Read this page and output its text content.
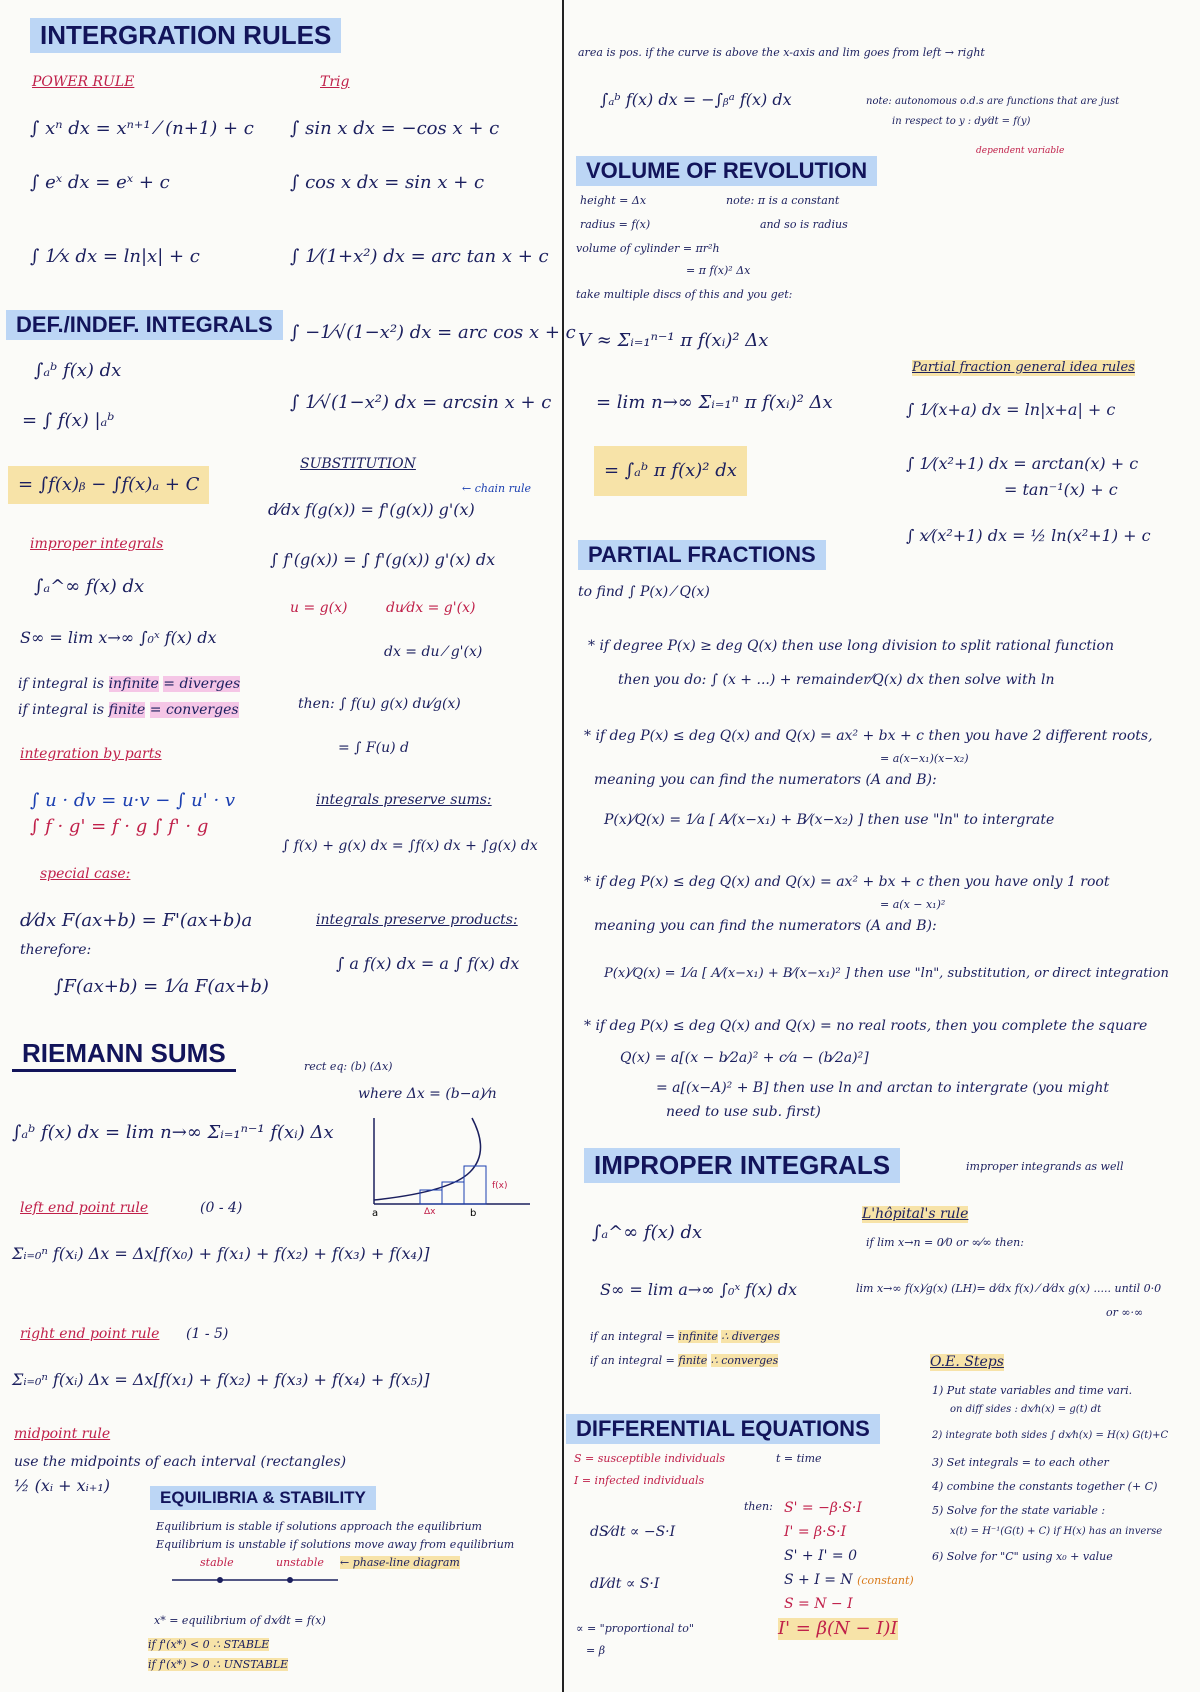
INTERGRATION RULES
POWER RULE	Trig
∫ xⁿ dx = xⁿ⁺¹ ⁄ (n+1) + c
∫ eˣ dx = eˣ + c
∫ 1⁄x dx = ln|x| + c
∫ sin x dx = −cos x + c
∫ cos x dx = sin x + c
∫ 1⁄(1+x²) dx = arc tan x + c
∫ −1⁄√(1−x²) dx = arc cos x + c
∫ 1⁄√(1−x²) dx = arcsin x + c
DEF./INDEF. INTEGRALS
∫ₐᵇ f(x) dx
= ∫ f(x) |ₐᵇ
= ∫f(x)ᵦ − ∫f(x)ₐ + C
improper integrals
∫ₐ^∞ f(x) dx
S∞ = lim x→∞ ∫₀ˣ f(x) dx
if integral is infinite = diverges
if integral is finite = converges
integration by parts
∫ u · dv = u·v − ∫ u' · v
∫ f · g' = f · g ∫ f' · g
special case:
d⁄dx F(ax+b) = F'(ax+b)a
therefore:
∫F(ax+b) = 1⁄a F(ax+b)
SUBSTITUTION
← chain rule
d⁄dx f(g(x)) = f'(g(x)) g'(x)
∫ f'(g(x)) = ∫ f'(g(x)) g'(x) dx
u = g(x)	du⁄dx = g'(x)
dx = du ⁄ g'(x)
then: ∫ f(u) g(x) du⁄g(x)
= ∫ F(u) d
integrals preserve sums:
∫ f(x) + g(x) dx = ∫f(x) dx + ∫g(x) dx
integrals preserve products:
∫ a f(x) dx = a ∫ f(x) dx
RIEMANN SUMS	rect eq: (b) (Δx)
where Δx = (b−a)⁄n
∫ₐᵇ f(x) dx = lim n→∞ Σᵢ₌₁ⁿ⁻¹ f(xᵢ) Δx
a	b
Δx
f(x)
left end point rule	(0 - 4)
Σᵢ₌₀ⁿ f(xᵢ) Δx = Δx[f(x₀) + f(x₁) + f(x₂) + f(x₃) + f(x₄)]
right end point rule (1 - 5)
Σᵢ₌₀ⁿ f(xᵢ) Δx = Δx[f(x₁) + f(x₂) + f(x₃) + f(x₄) + f(x₅)]
midpoint rule
use the midpoints of each interval (rectangles)
½ (xᵢ + xᵢ₊₁)
EQUILIBRIA & STABILITY
Equilibrium is stable if solutions approach the equilibrium
Equilibrium is unstable if solutions move away from equilibrium
stable	unstable ← phase-line diagram
x* = equilibrium of dx⁄dt = f(x)
if f'(x*) < 0 ∴ STABLE
if f'(x*) > 0 ∴ UNSTABLE
area is pos. if the curve is above the x-axis and lim goes from left → right
∫ₐᵇ f(x) dx = −∫ᵦᵃ f(x) dx	note: autonomous o.d.s are functions that are just
in respect to y : dy⁄dt = f(y)
dependent variable
VOLUME OF REVOLUTION
height = Δx	note: π is a constant
radius = f(x)	and so is radius
volume of cylinder = πr²h
= π f(x)² Δx
take multiple discs of this and you get:
V ≈ Σᵢ₌₁ⁿ⁻¹ π f(xᵢ)² Δx
= lim n→∞ Σᵢ₌₁ⁿ π f(xᵢ)² Δx
= ∫ₐᵇ π f(x)² dx
Partial fraction general idea rules
∫ 1⁄(x+a) dx = ln|x+a| + c
∫ 1⁄(x²+1) dx = arctan(x) + c
= tan⁻¹(x) + c
∫ x⁄(x²+1) dx = ½ ln(x²+1) + c
PARTIAL FRACTIONS
to find ∫ P(x) ⁄ Q(x)
* if degree P(x) ≥ deg Q(x) then use long division to split rational function
then you do: ∫ (x + ...) + remainder⁄Q(x) dx then solve with ln
* if deg P(x) ≤ deg Q(x) and Q(x) = ax² + bx + c then you have 2 different roots,
= a(x−x₁)(x−x₂)
meaning you can find the numerators (A and B):
P(x)⁄Q(x) = 1⁄a [ A⁄(x−x₁) + B⁄(x−x₂) ] then use "ln" to intergrate
* if deg P(x) ≤ deg Q(x) and Q(x) = ax² + bx + c then you have only 1 root
= a(x − x₁)²
meaning you can find the numerators (A and B):
P(x)⁄Q(x) = 1⁄a [ A⁄(x−x₁) + B⁄(x−x₁)² ] then use "ln", substitution, or direct integration
* if deg P(x) ≤ deg Q(x) and Q(x) = no real roots, then you complete the square
Q(x) = a[(x − b⁄2a)² + c⁄a − (b⁄2a)²]
= a[(x−A)² + B] then use ln and arctan to intergrate (you might
need to use sub. first)
IMPROPER INTEGRALS	improper integrands as well
∫ₐ^∞ f(x) dx
S∞ = lim a→∞ ∫₀ˣ f(x) dx
if an integral = infinite ∴ diverges
if an integral = finite ∴ converges
L'hôpital's rule
if lim x→n = 0⁄0 or ∞⁄∞ then:
lim x→∞ f(x)⁄g(x) (LH)= d⁄dx f(x) ⁄ d⁄dx g(x) ..... until 0·0
or ∞·∞
DIFFERENTIAL EQUATIONS
S = susceptible individuals	t = time
I = infected individuals
then:
dS⁄dt ∝ −S·I
dI⁄dt ∝ S·I
S' = −β·S·I
I' = β·S·I
S' + I' = 0
S + I = N (constant)
S = N − I
I' = β(N − I)I
∝ = "proportional to"
= β
O.E. Steps
1) Put state variables and time vari.
on diff sides : dx⁄h(x) = g(t) dt
2) integrate both sides ∫ dx⁄h(x) = H(x) G(t)+C
3) Set integrals = to each other
4) combine the constants together (+ C)
5) Solve for the state variable :
x(t) = H⁻¹(G(t) + C) if H(x) has an inverse
6) Solve for "C" using x₀ + value
